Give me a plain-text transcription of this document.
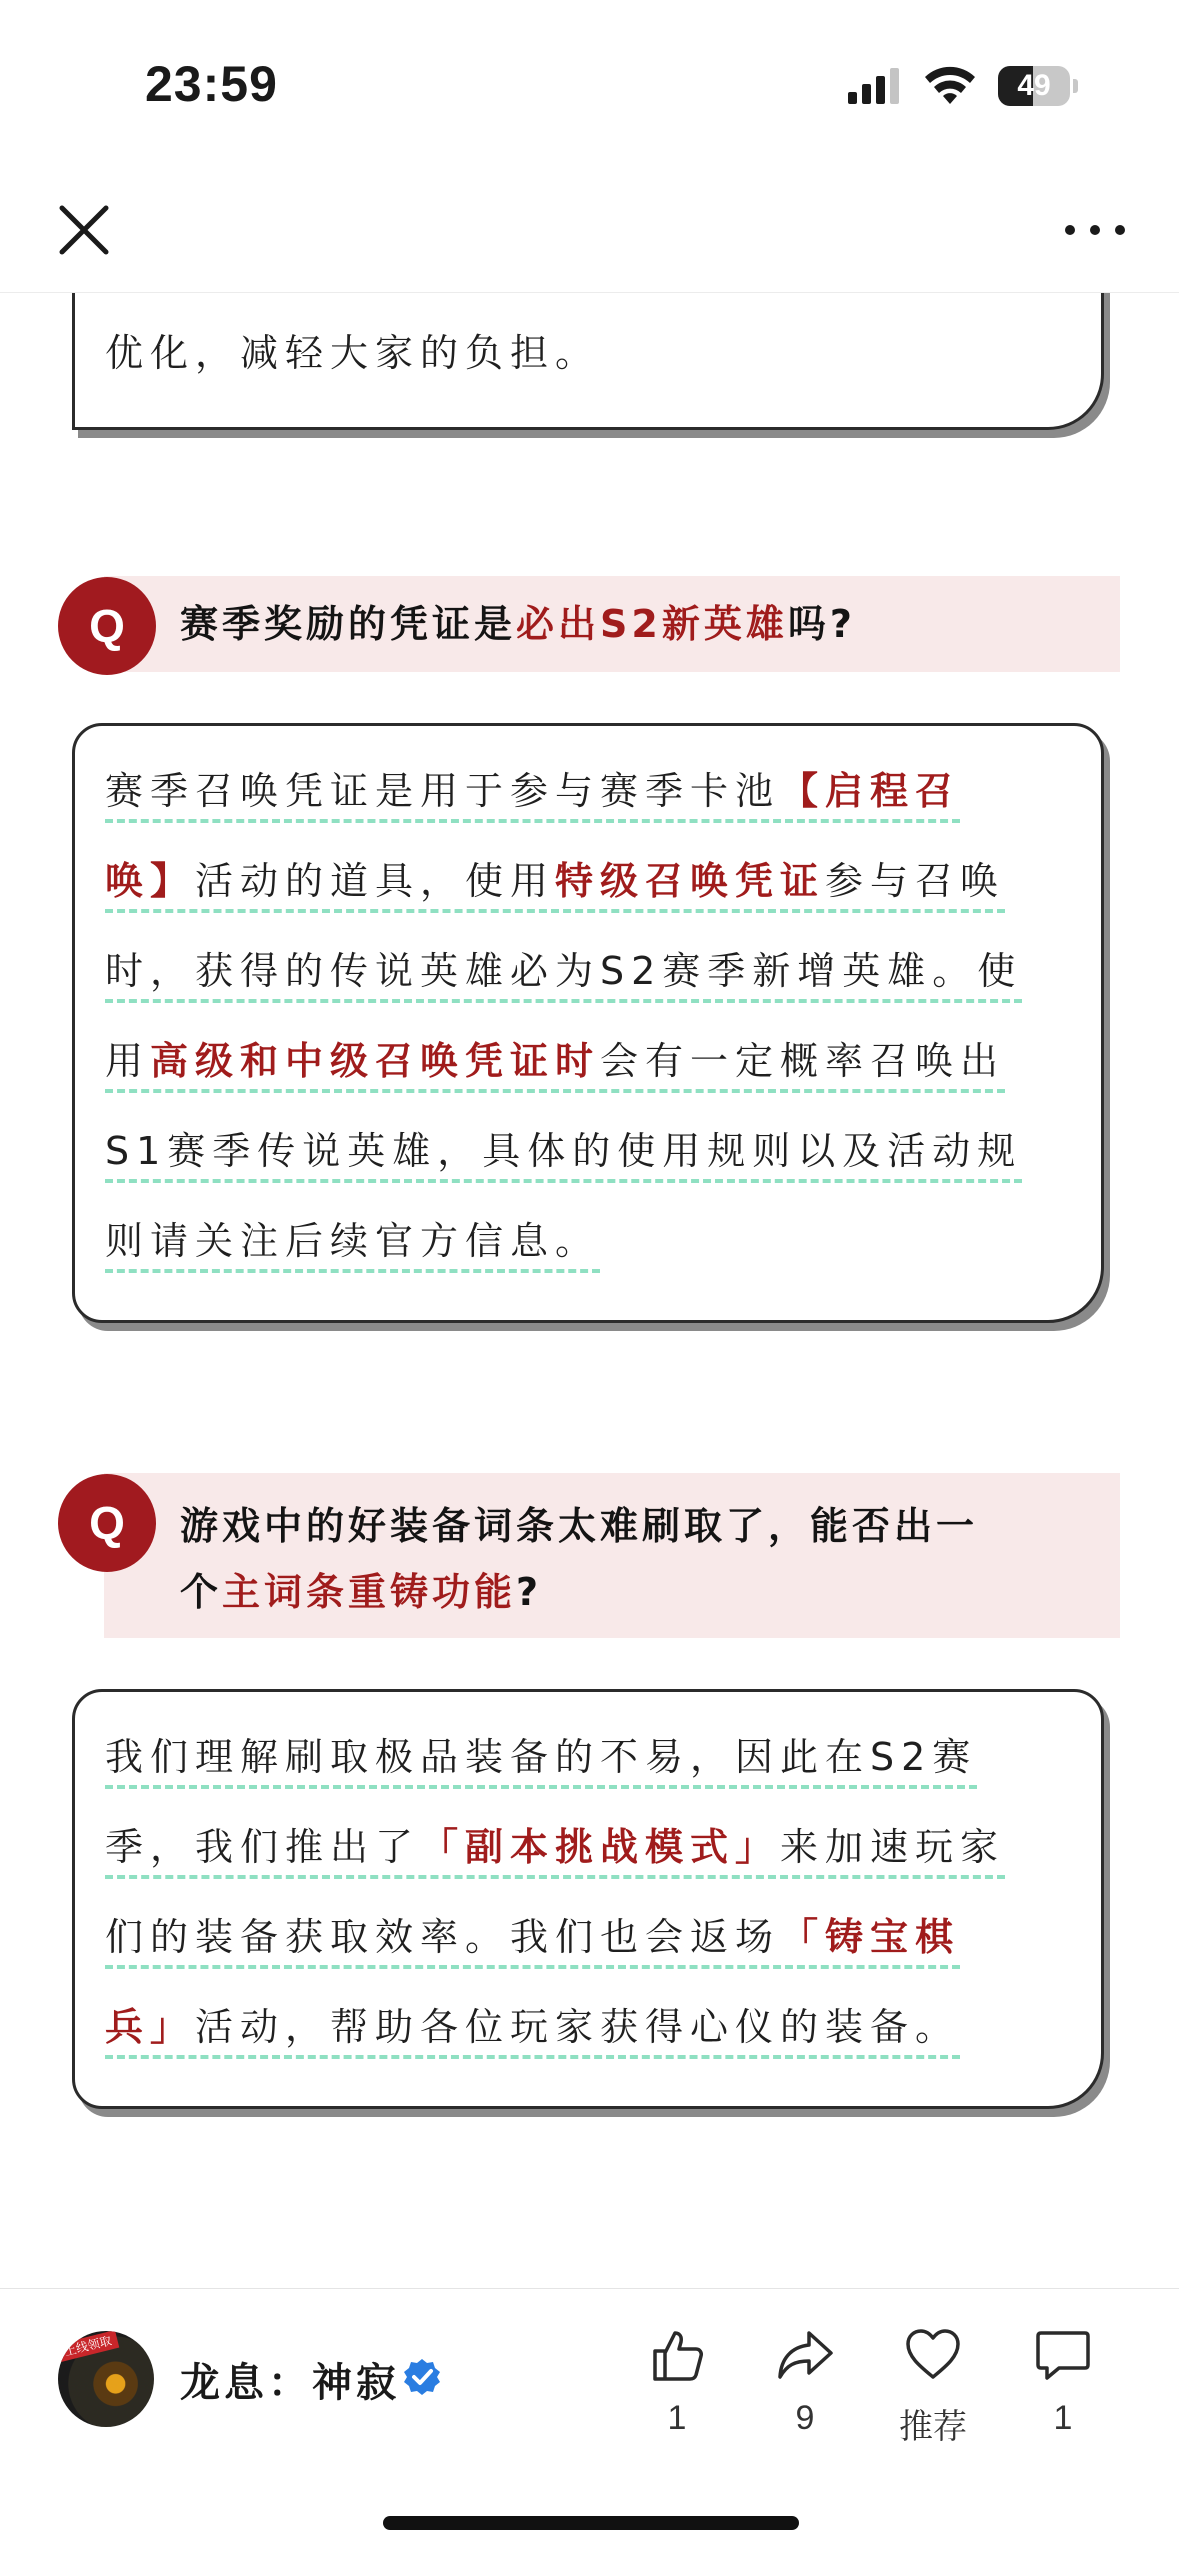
23:59	49
优化，减轻大家的负担。
Q	赛季奖励的凭证是必出S2新英雄吗?
赛季召唤凭证是用于参与赛季卡池【启程召
唤】活动的道具，使用特级召唤凭证参与召唤
时，获得的传说英雄必为S2赛季新增英雄。使
用高级和中级召唤凭证时会有一定概率召唤出
S1赛季传说英雄，具体的使用规则以及活动规
则请关注后续官方信息。
Q	游戏中的好装备词条太难刷取了，能否出一
个主词条重铸功能?
我们理解刷取极品装备的不易，因此在S2赛
季，我们推出了「副本挑战模式」来加速玩家
们的装备获取效率。我们也会返场「铸宝棋
兵」活动，帮助各位玩家获得心仪的装备。
上线领取
龙息：神寂
1	9	推荐	1
